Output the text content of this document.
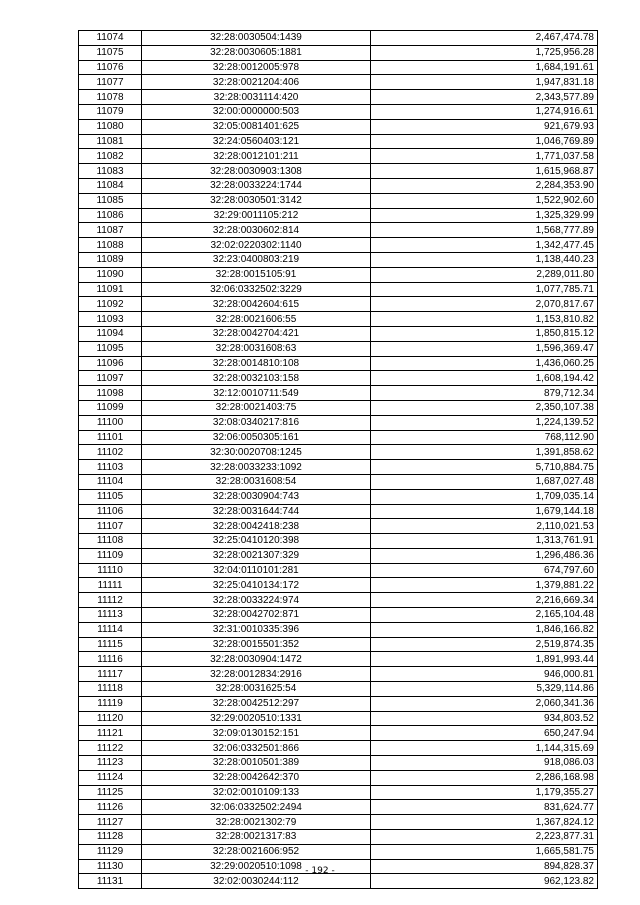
11074	32:28:0030504:1439	2,467,474.78
11075	32:28:0030605:1881	1,725,956.28
11076	32:28:0012005:978	1,684,191.61
11077	32:28:0021204:406	1,947,831.18
11078	32:28:0031114:420	2,343,577.89
11079	32:00:0000000:503	1,274,916.61
11080	32:05:0081401:625	921,679.93
11081	32:24:0560403:121	1,046,769.89
11082	32:28:0012101:211	1,771,037.58
11083	32:28:0030903:1308	1,615,968.87
11084	32:28:0033224:1744	2,284,353.90
11085	32:28:0030501:3142	1,522,902.60
11086	32:29:0011105:212	1,325,329.99
11087	32:28:0030602:814	1,568,777.89
11088	32:02:0220302:1140	1,342,477.45
11089	32:23:0400803:219	1,138,440.23
11090	32:28:0015105:91	2,289,011.80
11091	32:06:0332502:3229	1,077,785.71
11092	32:28:0042604:615	2,070,817.67
11093	32:28:0021606:55	1,153,810.82
11094	32:28:0042704:421	1,850,815.12
11095	32:28:0031608:63	1,596,369.47
11096	32:28:0014810:108	1,436,060.25
11097	32:28:0032103:158	1,608,194.42
11098	32:12:0010711:549	879,712.34
11099	32:28:0021403:75	2,350,107.38
11100	32:08:0340217:816	1,224,139.52
11101	32:06:0050305:161	768,112.90
11102	32:30:0020708:1245	1,391,858.62
11103	32:28:0033233:1092	5,710,884.75
11104	32:28:0031608:54	1,687,027.48
11105	32:28:0030904:743	1,709,035.14
11106	32:28:0031644:744	1,679,144.18
11107	32:28:0042418:238	2,110,021.53
11108	32:25:0410120:398	1,313,761.91
11109	32:28:0021307:329	1,296,486.36
11110	32:04:0110101:281	674,797.60
11111	32:25:0410134:172	1,379,881.22
11112	32:28:0033224:974	2,216,669.34
11113	32:28:0042702:871	2,165,104.48
11114	32:31:0010335:396	1,846,166.82
11115	32:28:0015501:352	2,519,874.35
11116	32:28:0030904:1472	1,891,993.44
11117	32:28:0012834:2916	946,000.81
11118	32:28:0031625:54	5,329,114.86
11119	32:28:0042512:297	2,060,341.36
11120	32:29:0020510:1331	934,803.52
11121	32:09:0130152:151	650,247.94
11122	32:06:0332501:866	1,144,315.69
11123	32:28:0010501:389	918,086.03
11124	32:28:0042642:370	2,286,168.98
11125	32:02:0010109:133	1,179,355.27
11126	32:06:0332502:2494	831,624.77
11127	32:28:0021302:79	1,367,824.12
11128	32:28:0021317:83	2,223,877.31
11129	32:28:0021606:952	1,665,581.75
11130	32:29:0020510:1098	894,828.37
11131	32:02:0030244:112	962,123.82
- 192 -
